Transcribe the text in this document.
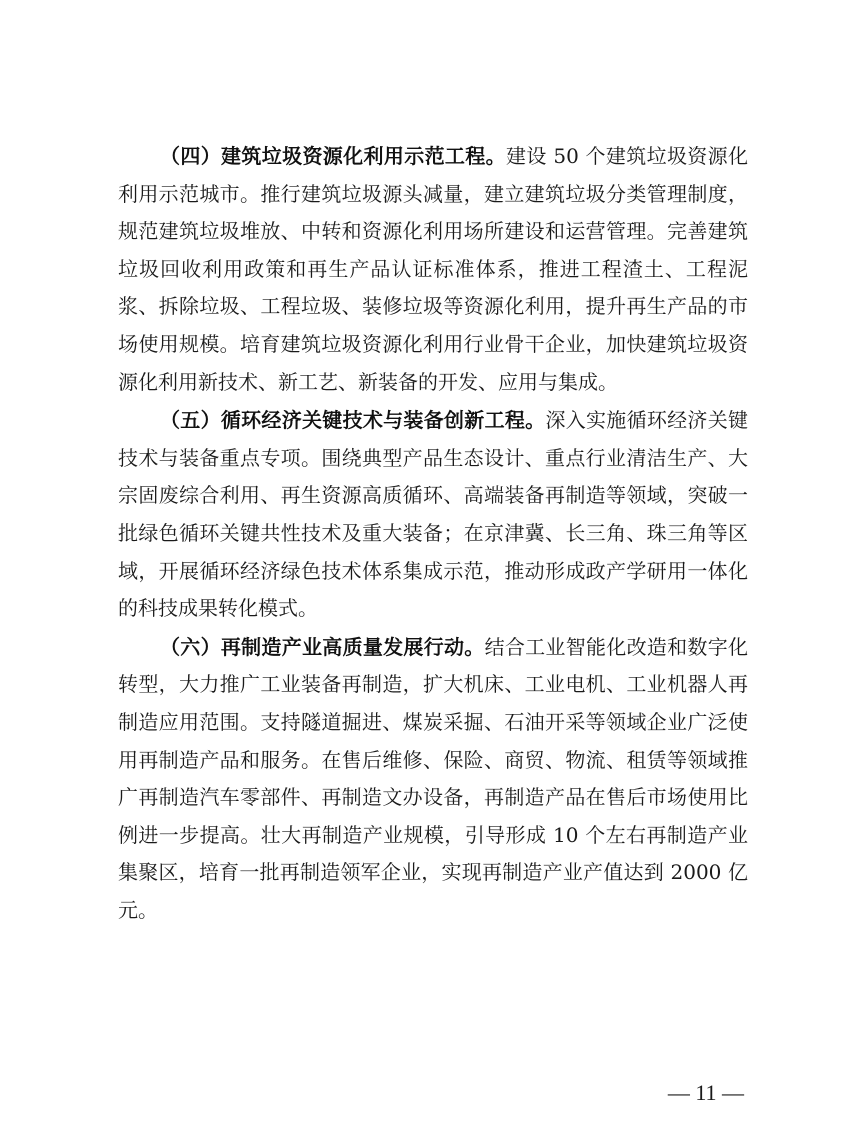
（四）建筑垃圾资源化利用示范工程。建设 50 个建筑垃圾资源化利用示范城市。推行建筑垃圾源头减量，建立建筑垃圾分类管理制度，规范建筑垃圾堆放、中转和资源化利用场所建设和运营管理。完善建筑垃圾回收利用政策和再生产品认证标准体系，推进工程渣土、工程泥浆、拆除垃圾、工程垃圾、装修垃圾等资源化利用，提升再生产品的市场使用规模。培育建筑垃圾资源化利用行业骨干企业，加快建筑垃圾资源化利用新技术、新工艺、新装备的开发、应用与集成。

（五）循环经济关键技术与装备创新工程。深入实施循环经济关键技术与装备重点专项。围绕典型产品生态设计、重点行业清洁生产、大宗固废综合利用、再生资源高质循环、高端装备再制造等领域，突破一批绿色循环关键共性技术及重大装备；在京津冀、长三角、珠三角等区域，开展循环经济绿色技术体系集成示范，推动形成政产学研用一体化的科技成果转化模式。

（六）再制造产业高质量发展行动。结合工业智能化改造和数字化转型，大力推广工业装备再制造，扩大机床、工业电机、工业机器人再制造应用范围。支持隧道掘进、煤炭采掘、石油开采等领域企业广泛使用再制造产品和服务。在售后维修、保险、商贸、物流、租赁等领域推广再制造汽车零部件、再制造文办设备，再制造产品在售后市场使用比例进一步提高。壮大再制造产业规模，引导形成 10 个左右再制造产业集聚区，培育一批再制造领军企业，实现再制造产业产值达到 2000 亿元。

— 11 —
